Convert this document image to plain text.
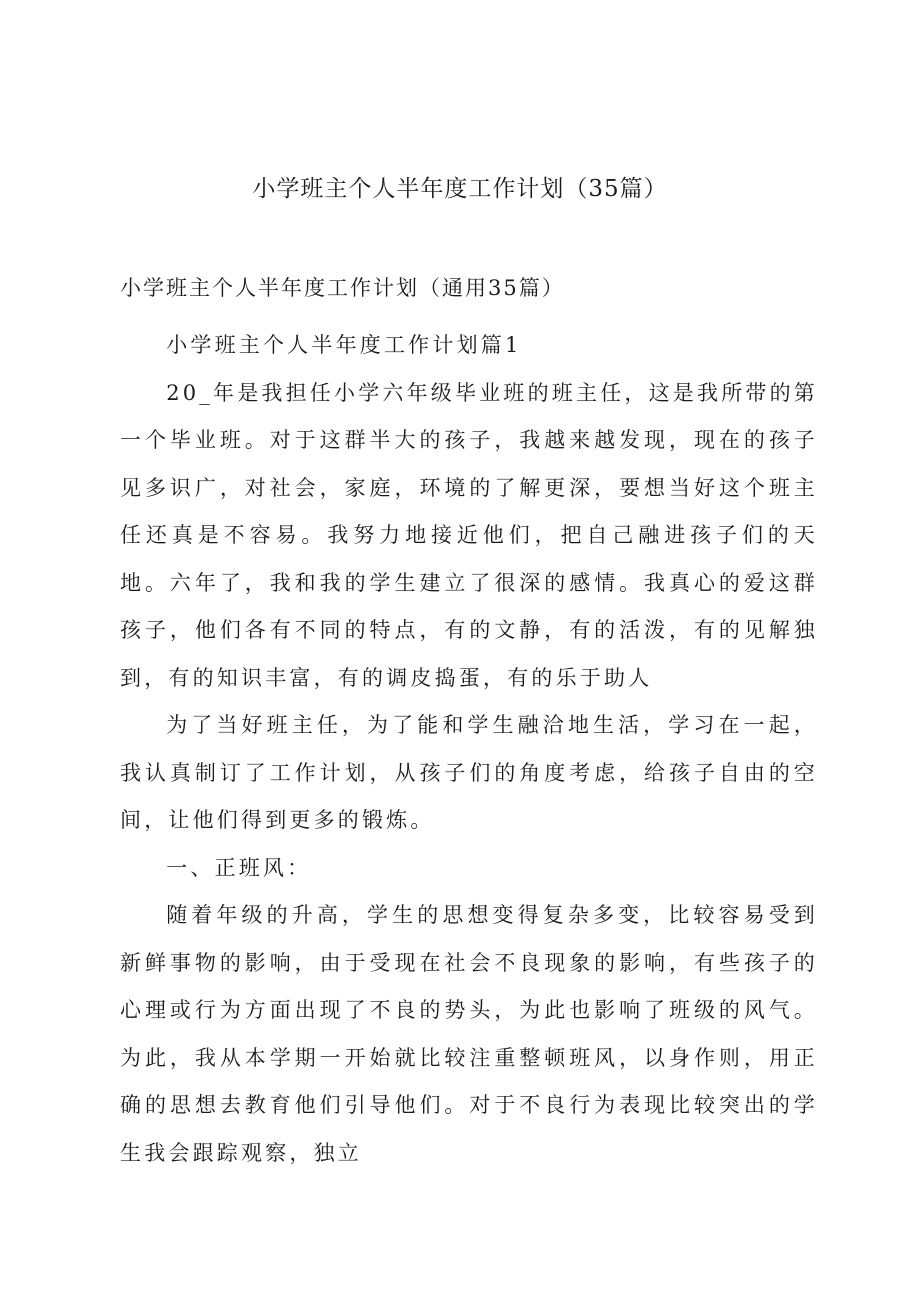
小学班主个人半年度工作计划（35篇）

小学班主个人半年度工作计划（通用35篇）

小学班主个人半年度工作计划篇1

20_年是我担任小学六年级毕业班的班主任，这是我所带的第一个毕业班。对于这群半大的孩子，我越来越发现，现在的孩子见多识广，对社会，家庭，环境的了解更深，要想当好这个班主任还真是不容易。我努力地接近他们，把自己融进孩子们的天地。六年了，我和我的学生建立了很深的感情。我真心的爱这群孩子，他们各有不同的特点，有的文静，有的活泼，有的见解独到，有的知识丰富，有的调皮捣蛋，有的乐于助人

为了当好班主任，为了能和学生融洽地生活，学习在一起，我认真制订了工作计划，从孩子们的角度考虑，给孩子自由的空间，让他们得到更多的锻炼。

一、正班风：

随着年级的升高，学生的思想变得复杂多变，比较容易受到新鲜事物的影响，由于受现在社会不良现象的影响，有些孩子的心理或行为方面出现了不良的势头，为此也影响了班级的风气。为此，我从本学期一开始就比较注重整顿班风，以身作则，用正确的思想去教育他们引导他们。对于不良行为表现比较突出的学生我会跟踪观察，独立
